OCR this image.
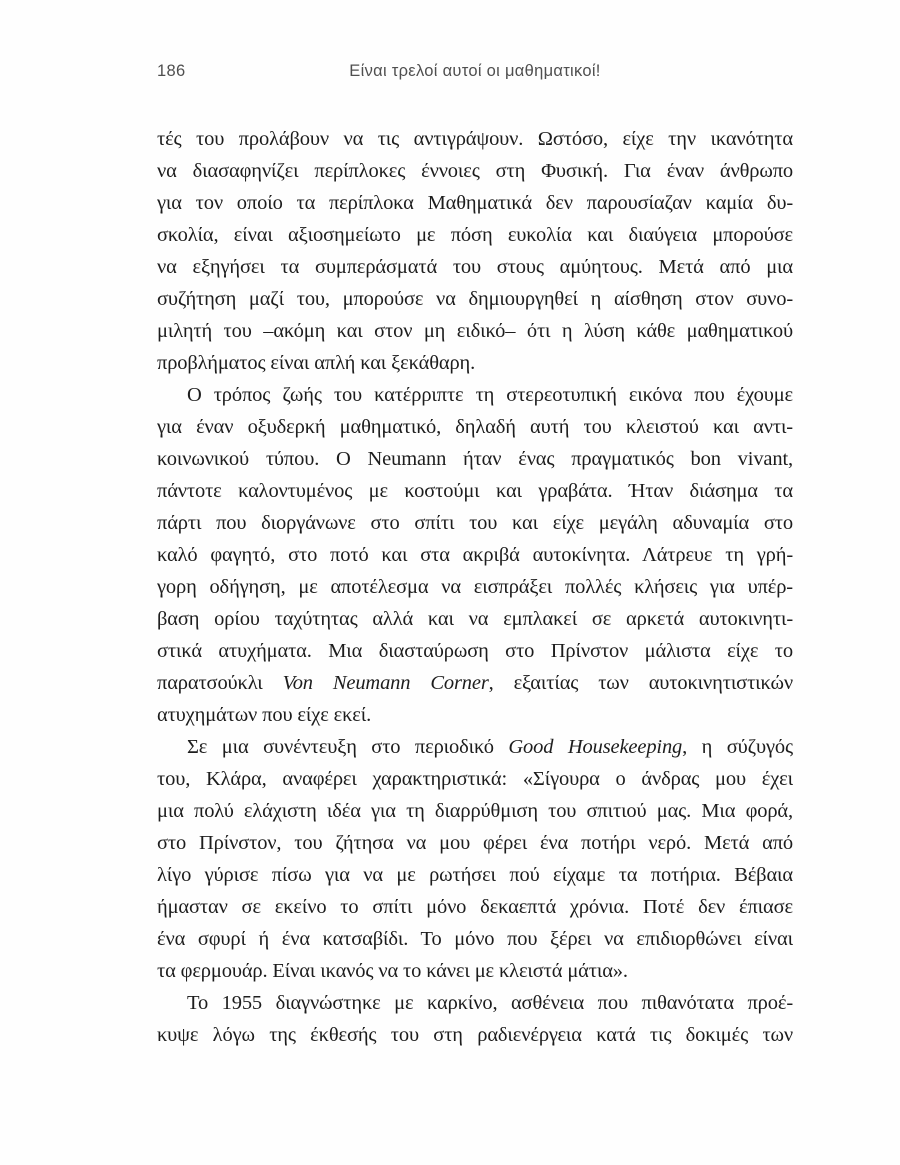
186	Είναι τρελοί αυτοί οι μαθηματικοί!
τές του προλάβουν να τις αντιγράψουν. Ωστόσο, είχε την ικανότητα
να διασαφηνίζει περίπλοκες έννοιες στη Φυσική. Για έναν άνθρωπο
για τον οποίο τα περίπλοκα Μαθηματικά δεν παρουσίαζαν καμία δυ-
σκολία, είναι αξιοσημείωτο με πόση ευκολία και διαύγεια μπορούσε
να εξηγήσει τα συμπεράσματά του στους αμύητους. Μετά από μια
συζήτηση μαζί του, μπορούσε να δημιουργηθεί η αίσθηση στον συνο-
μιλητή του –ακόμη και στον μη ειδικό– ότι η λύση κάθε μαθηματικού
προβλήματος είναι απλή και ξεκάθαρη.
Ο τρόπος ζωής του κατέρριπτε τη στερεοτυπική εικόνα που έχουμε
για έναν οξυδερκή μαθηματικό, δηλαδή αυτή του κλειστού και αντι-
κοινωνικού τύπου. Ο Neumann ήταν ένας πραγματικός bon vivant,
πάντοτε καλοντυμένος με κοστούμι και γραβάτα. Ήταν διάσημα τα
πάρτι που διοργάνωνε στο σπίτι του και είχε μεγάλη αδυναμία στο
καλό φαγητό, στο ποτό και στα ακριβά αυτοκίνητα. Λάτρευε τη γρή-
γορη οδήγηση, με αποτέλεσμα να εισπράξει πολλές κλήσεις για υπέρ-
βαση ορίου ταχύτητας αλλά και να εμπλακεί σε αρκετά αυτοκινητι-
στικά ατυχήματα. Μια διασταύρωση στο Πρίνστον μάλιστα είχε το
παρατσούκλι Von Neumann Corner, εξαιτίας των αυτοκινητιστικών
ατυχημάτων που είχε εκεί.
Σε μια συνέντευξη στο περιοδικό Good Housekeeping, η σύζυγός
του, Κλάρα, αναφέρει χαρακτηριστικά: «Σίγουρα ο άνδρας μου έχει
μια πολύ ελάχιστη ιδέα για τη διαρρύθμιση του σπιτιού μας. Μια φορά,
στο Πρίνστον, του ζήτησα να μου φέρει ένα ποτήρι νερό. Μετά από
λίγο γύρισε πίσω για να με ρωτήσει πού είχαμε τα ποτήρια. Βέβαια
ήμασταν σε εκείνο το σπίτι μόνο δεκαεπτά χρόνια. Ποτέ δεν έπιασε
ένα σφυρί ή ένα κατσαβίδι. Το μόνο που ξέρει να επιδιορθώνει είναι
τα φερμουάρ. Είναι ικανός να το κάνει με κλειστά μάτια».
Το 1955 διαγνώστηκε με καρκίνο, ασθένεια που πιθανότατα προέ-
κυψε λόγω της έκθεσής του στη ραδιενέργεια κατά τις δοκιμές των
